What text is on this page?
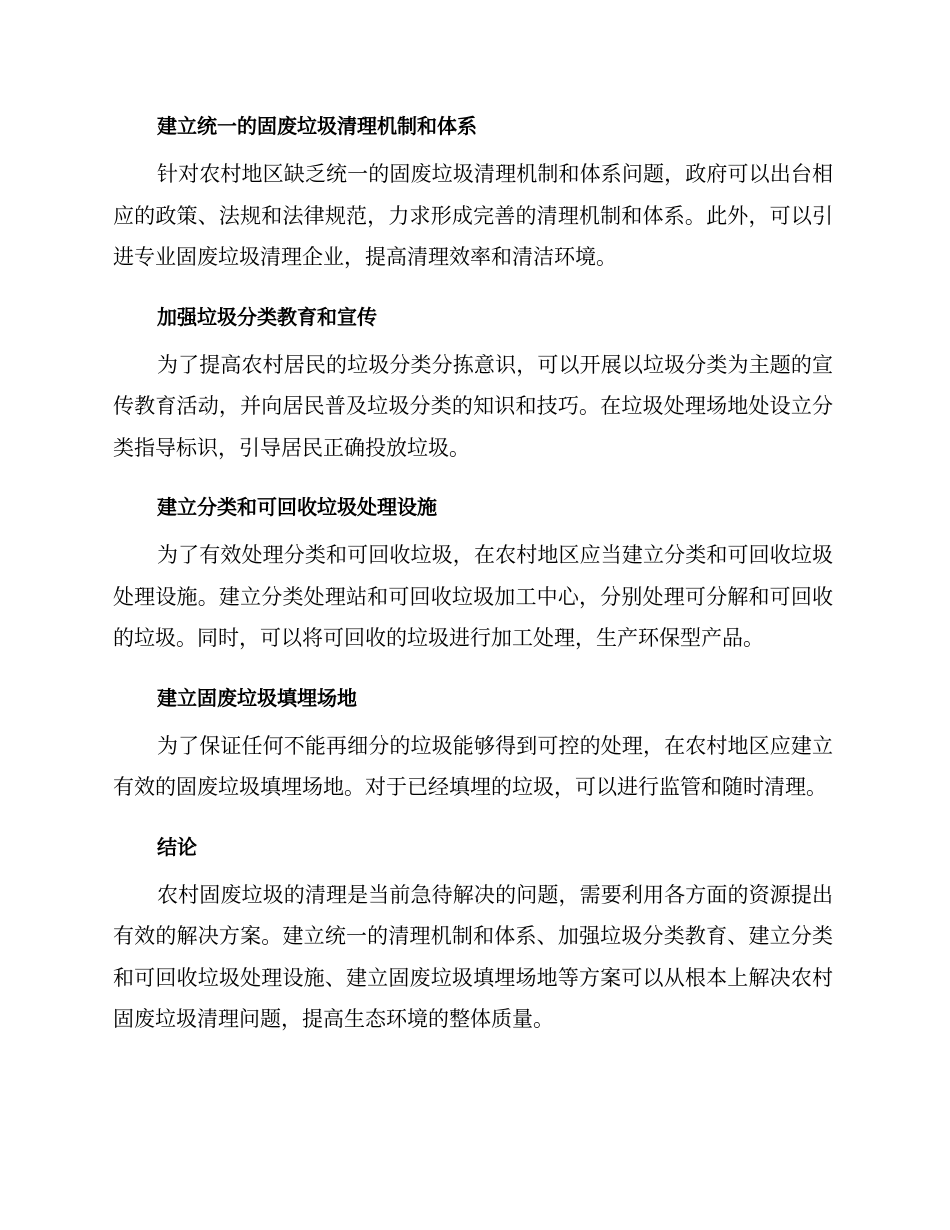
建立统一的固废垃圾清理机制和体系

针对农村地区缺乏统一的固废垃圾清理机制和体系问题，政府可以出台相应的政策、法规和法律规范，力求形成完善的清理机制和体系。此外，可以引进专业固废垃圾清理企业，提高清理效率和清洁环境。

加强垃圾分类教育和宣传

为了提高农村居民的垃圾分类分拣意识，可以开展以垃圾分类为主题的宣传教育活动，并向居民普及垃圾分类的知识和技巧。在垃圾处理场地处设立分类指导标识，引导居民正确投放垃圾。

建立分类和可回收垃圾处理设施

为了有效处理分类和可回收垃圾，在农村地区应当建立分类和可回收垃圾处理设施。建立分类处理站和可回收垃圾加工中心，分别处理可分解和可回收的垃圾。同时，可以将可回收的垃圾进行加工处理，生产环保型产品。

建立固废垃圾填埋场地

为了保证任何不能再细分的垃圾能够得到可控的处理，在农村地区应建立有效的固废垃圾填埋场地。对于已经填埋的垃圾，可以进行监管和随时清理。

结论

农村固废垃圾的清理是当前急待解决的问题，需要利用各方面的资源提出有效的解决方案。建立统一的清理机制和体系、加强垃圾分类教育、建立分类和可回收垃圾处理设施、建立固废垃圾填埋场地等方案可以从根本上解决农村固废垃圾清理问题，提高生态环境的整体质量。
